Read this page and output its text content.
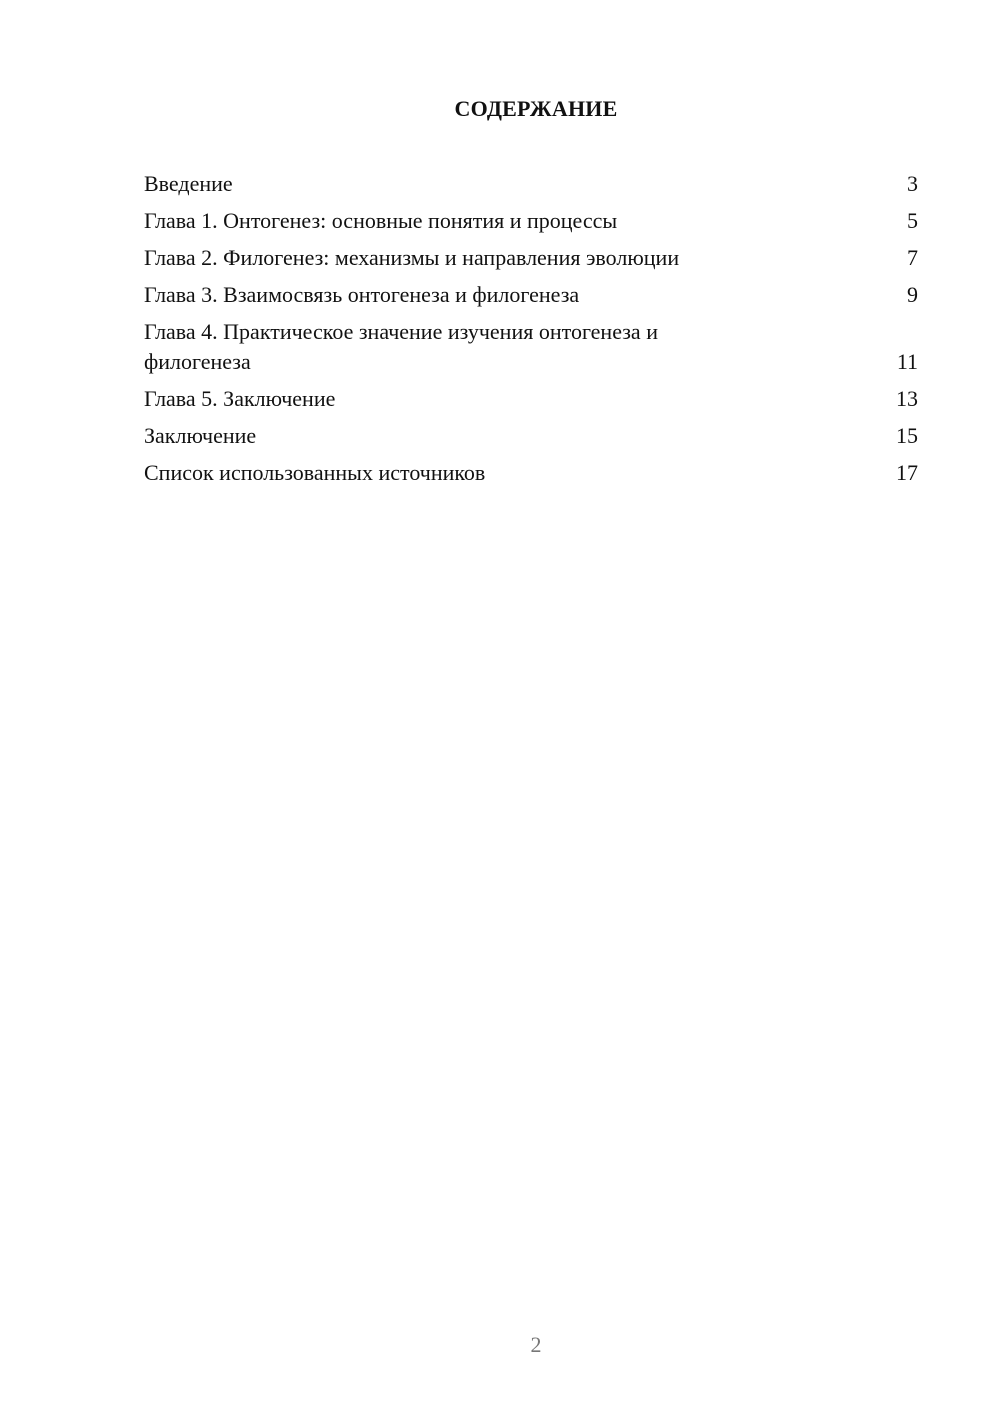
СОДЕРЖАНИЕ
Введение	3
Глава 1. Онтогенез: основные понятия и процессы	5
Глава 2. Филогенез: механизмы и направления эволюции	7
Глава 3. Взаимосвязь онтогенеза и филогенеза	9
Глава 4. Практическое значение изучения онтогенеза и филогенеза	11
Глава 5. Заключение	13
Заключение	15
Список использованных источников	17
2
